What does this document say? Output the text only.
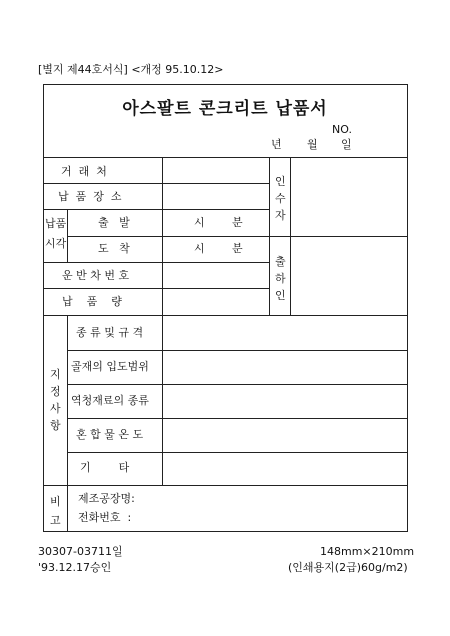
[별지 제44호서식] <개정 95.10.12>
아스팔트 콘크리트 납품서
NO.
년 월 일
거  래  처
납  품  장  소
납품
시각
출   발
도   착
시 분
시 분
운 반 차 번 호
납    품    량
인
수
자
출
하
인
지
정
사
항
종 류 및 규 격
골재의 입도범위
역청재료의 종류
혼 합 물 온 도
기        타
비
고
제조공장명:
전화번호  :
30307-03711일
'93.12.17승인
148mm×210mm
(인쇄용지(2급)60g/m2)
